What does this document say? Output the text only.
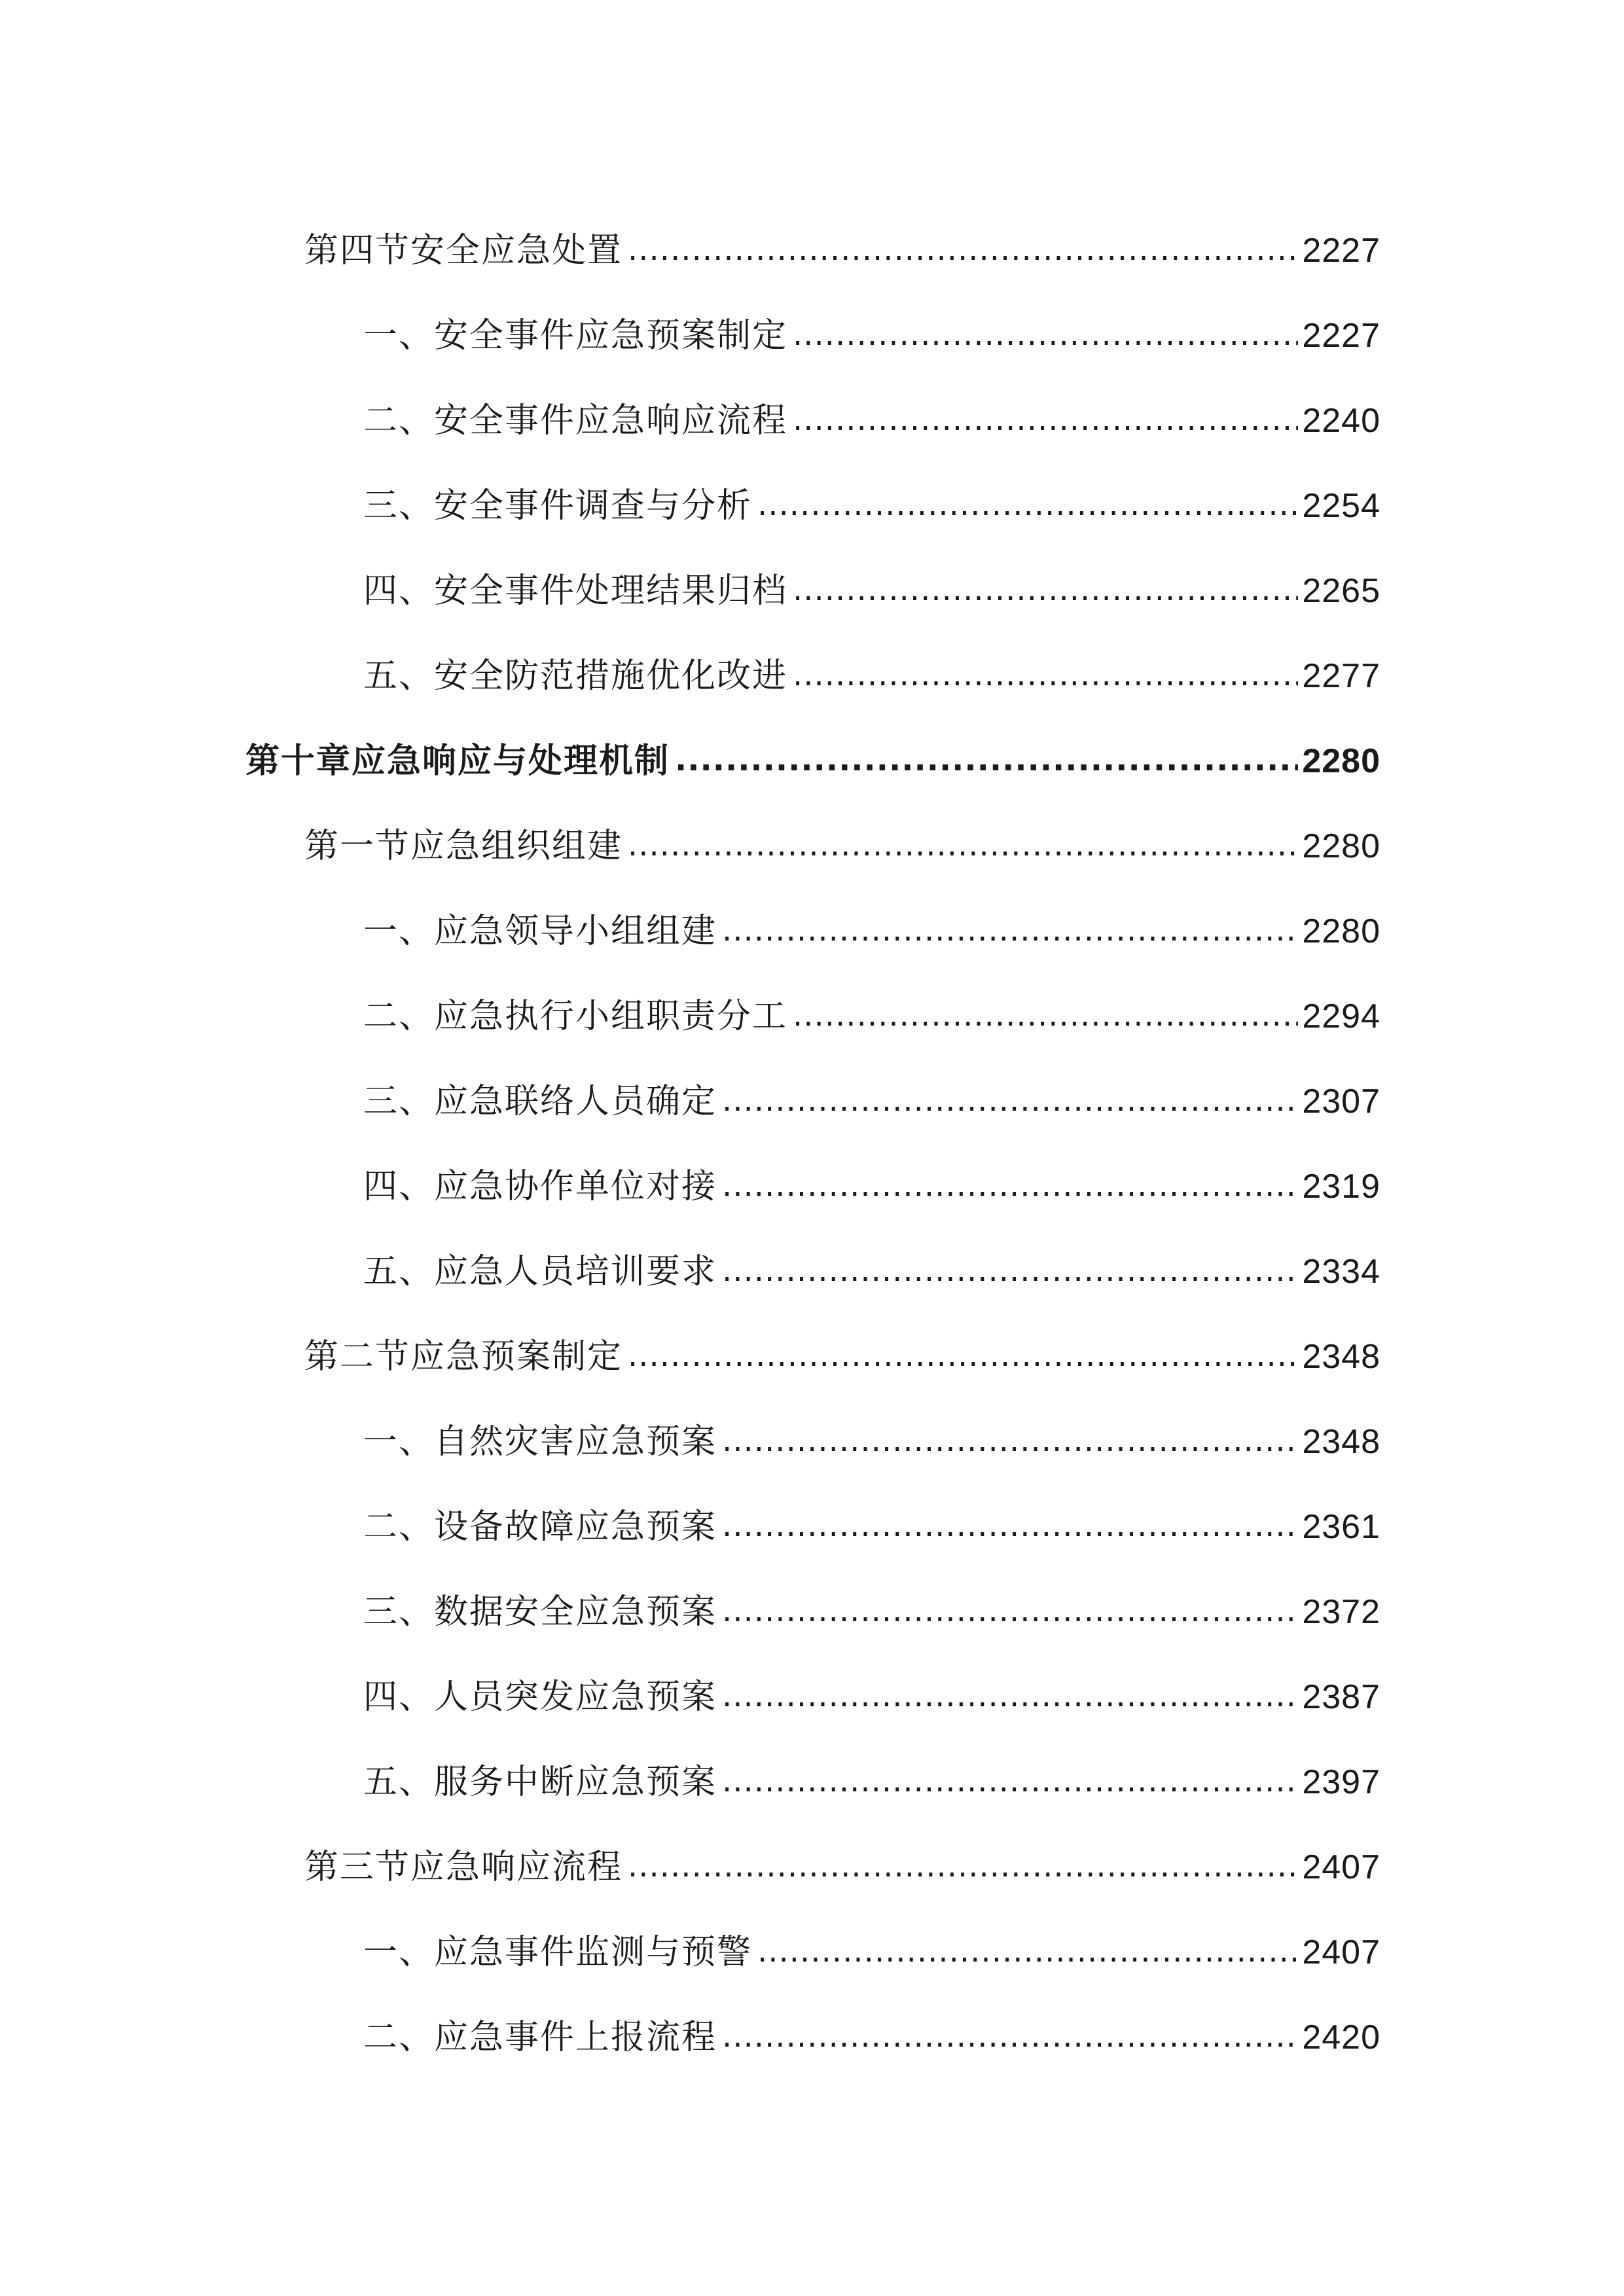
第四节安全应急处置 .....	2227
一、安全事件应急预案制定 .....	2227
二、安全事件应急响应流程 .....	2240
三、安全事件调查与分析 .....	2254
四、安全事件处理结果归档 .....	2265
五、安全防范措施优化改进 .....	2277
第十章应急响应与处理机制 .....	2280
第一节应急组织组建 .....	2280
一、应急领导小组组建 .....	2280
二、应急执行小组职责分工 .....	2294
三、应急联络人员确定 .....	2307
四、应急协作单位对接 .....	2319
五、应急人员培训要求 .....	2334
第二节应急预案制定 .....	2348
一、自然灾害应急预案 .....	2348
二、设备故障应急预案 .....	2361
三、数据安全应急预案 .....	2372
四、人员突发应急预案 .....	2387
五、服务中断应急预案 .....	2397
第三节应急响应流程 .....	2407
一、应急事件监测与预警 .....	2407
二、应急事件上报流程 .....	2420
